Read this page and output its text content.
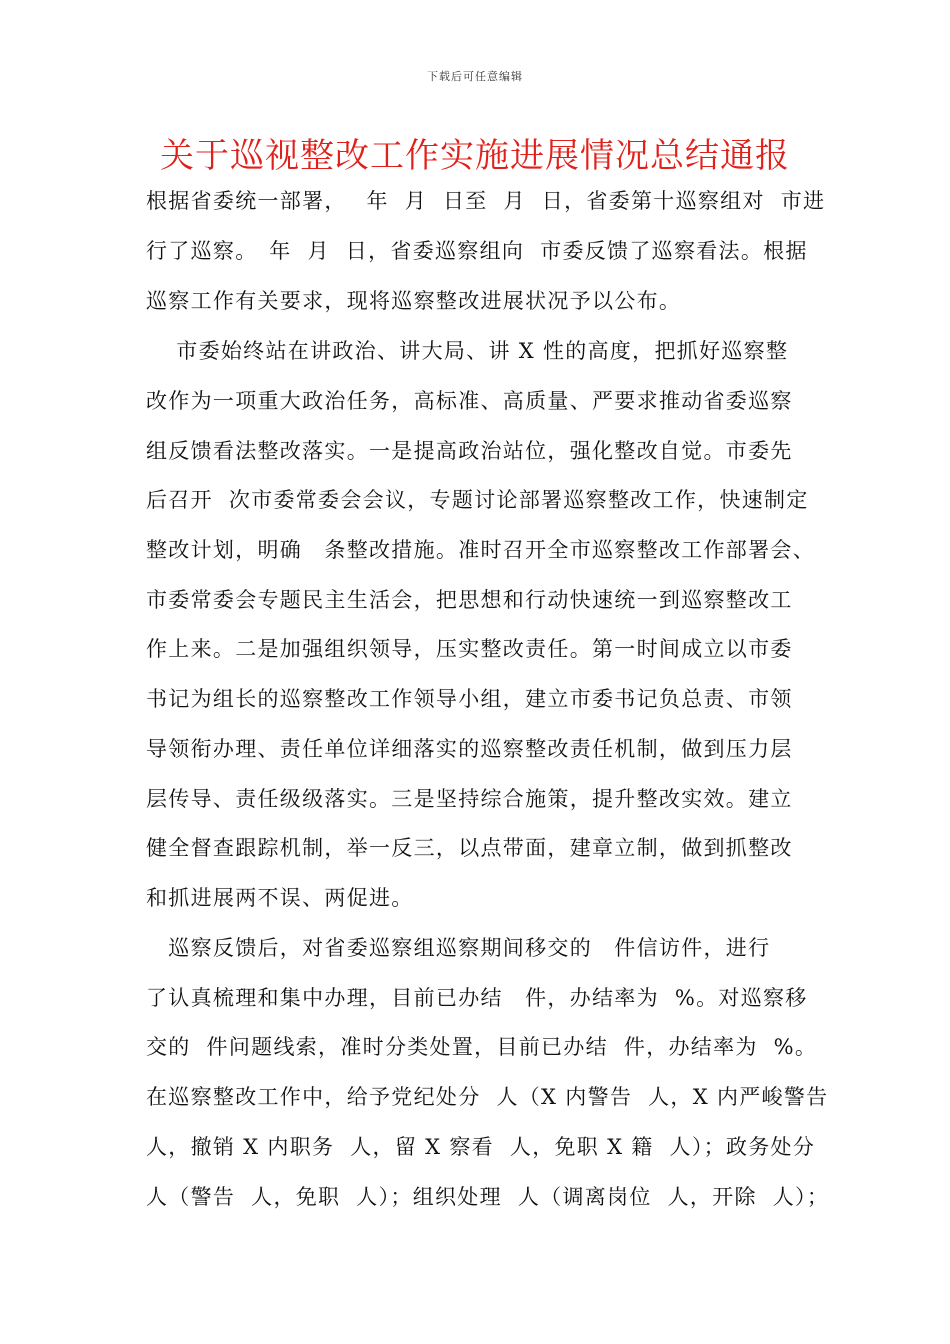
下载后可任意编辑
关于巡视整改工作实施进展情况总结通报
根据省委统一部署，　 年  月  日至  月  日，省委第十巡察组对  市进
行了巡察。　年  月  日，省委巡察组向  市委反馈了巡察看法。根据
巡察工作有关要求，现将巡察整改进展状况予以公布。
　 市委始终站在讲政治、讲大局、讲 X 性的高度，把抓好巡察整
改作为一项重大政治任务，高标准、高质量、严要求推动省委巡察
组反馈看法整改落实。一是提高政治站位，强化整改自觉。市委先
后召开  次市委常委会会议，专题讨论部署巡察整改工作，快速制定
整改计划，明确　条整改措施。准时召开全市巡察整改工作部署会、
市委常委会专题民主生活会，把思想和行动快速统一到巡察整改工
作上来。二是加强组织领导，压实整改责任。第一时间成立以市委
书记为组长的巡察整改工作领导小组，建立市委书记负总责、市领
导领衔办理、责任单位详细落实的巡察整改责任机制，做到压力层
层传导、责任级级落实。三是坚持综合施策，提升整改实效。建立
健全督查跟踪机制，举一反三，以点带面，建章立制，做到抓整改
和抓进展两不误、两促进。
　巡察反馈后，对省委巡察组巡察期间移交的　件信访件，进行
了认真梳理和集中办理，目前已办结　件，办结率为  %。对巡察移
交的  件问题线索，准时分类处置，目前已办结  件，办结率为  %。
在巡察整改工作中，给予党纪处分  人（X 内警告  人，X 内严峻警告
人，撤销 X 内职务  人，留 X 察看  人，免职 X 籍  人）；政务处分
人（警告  人，免职  人）；组织处理  人（调离岗位  人，开除  人）；
